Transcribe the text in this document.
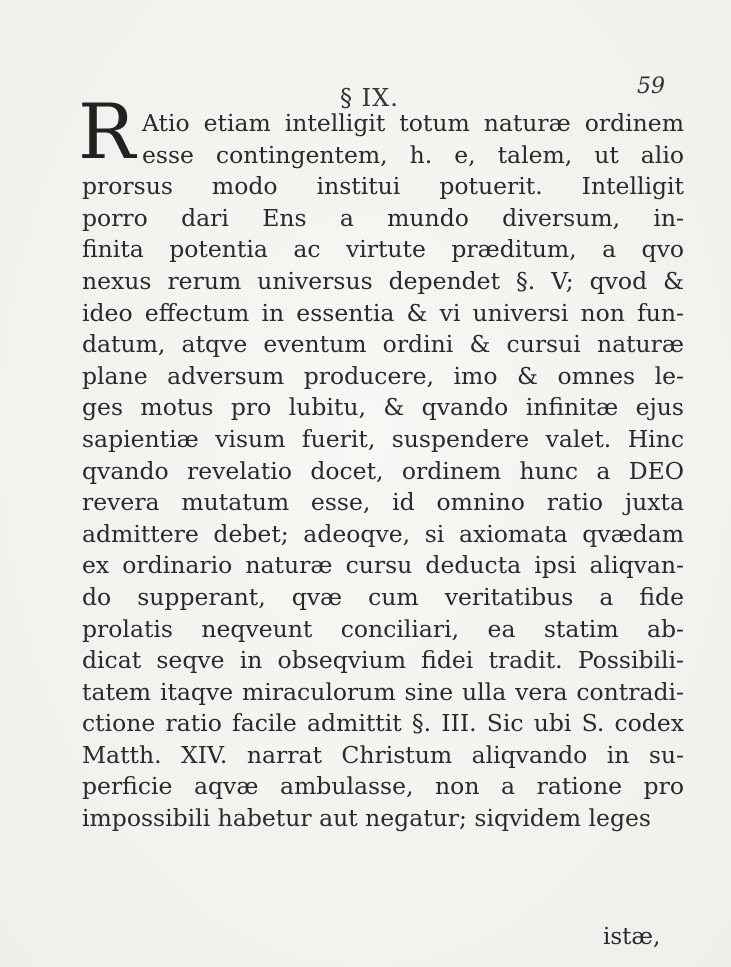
59
§ IX.
R Atio etiam intelligit totum naturæ ordinem
esse contingentem, h. e, talem, ut alio
prorsus modo institui potuerit. Intelligit
porro dari Ens a mundo diversum, in-
finita potentia ac virtute præditum, a qvo
nexus rerum universus dependet §. V; qvod &
ideo effectum in essentia & vi universi non fun-
datum, atqve eventum ordini & cursui naturæ
plane adversum producere, imo & omnes le-
ges motus pro lubitu, & qvando infinitæ ejus
sapientiæ visum fuerit, suspendere valet. Hinc
qvando revelatio docet, ordinem hunc a DEO
revera mutatum esse, id omnino ratio juxta
admittere debet; adeoqve, si axiomata qvædam
ex ordinario naturæ cursu deducta ipsi aliqvan-
do supperant, qvæ cum veritatibus a fide
prolatis neqveunt conciliari, ea statim ab-
dicat seqve in obseqvium fidei tradit. Possibili-
tatem itaqve miraculorum sine ulla vera contradi-
ctione ratio facile admittit §. III. Sic ubi S. codex
Matth. XIV. narrat Christum aliqvando in su-
perficie aqvæ ambulasse, non a ratione pro
impossibili habetur aut negatur; siqvidem leges
istæ,
